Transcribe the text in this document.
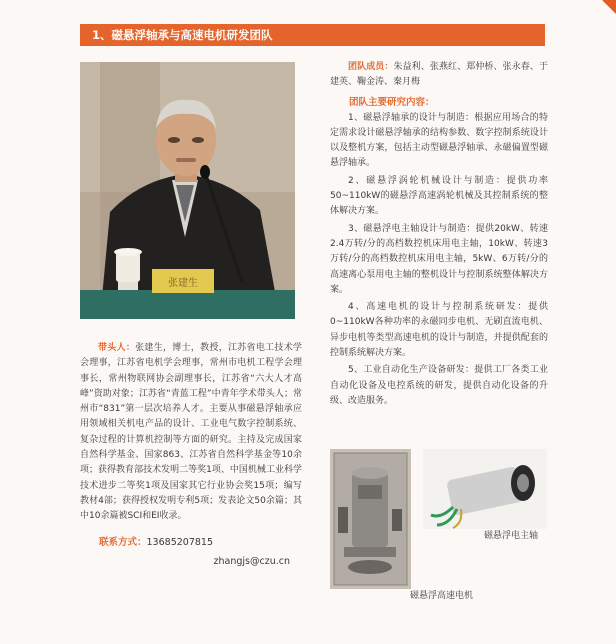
1、磁悬浮轴承与高速电机研发团队
张建生

带头人：张建生，博士，教授，江苏省电工技术学会理事，江苏省电机学会理事，常州市电机工程学会理事长，常州物联网协会副理事长，江苏省“六大人才高峰”资助对象；江苏省“青蓝工程”中青年学术带头人；常州市“831”第一层次培养人才。主要从事磁悬浮轴承应用领域相关机电产品的设计、工业电气数字控制系统、复杂过程的计算机控制等方面的研究。主持及完成国家自然科学基金、国家863、江苏省自然科学基金等10余项；获得教育部技术发明二等奖1项、中国机械工业科学技术进步二等奖1项及国家其它行业协会奖15项；编写教材4部；获得授权发明专利5项；发表论文50余篇；其中10余篇被SCI和EI收录。

联系方式：13685207815

zhangjs@czu.cn

团队成员：朱益利、张燕红、郑仲桥、张永春、于建英、鞠金涛、秦月梅

团队主要研究内容：

1、磁悬浮轴承的设计与制造：根据应用场合的特定需求设计磁悬浮轴承的结构参数、数字控制系统设计以及整机方案，包括主动型磁悬浮轴承、永磁偏置型磁悬浮轴承。

2、磁悬浮涡轮机械设计与制造：提供功率50~110kW的磁悬浮高速涡轮机械及其控制系统的整体解决方案。

3、磁悬浮电主轴设计与制造：提供20kW、转速2.4万转/分的高档数控机床用电主轴，10kW、转速3万转/分的高档数控机床用电主轴，5kW、6万转/分的高速离心泵用电主轴的整机设计与控制系统整体解决方案。

4、高速电机的设计与控制系统研发：提供0~110kW各种功率的永磁同步电机、无刷直流电机、异步电机等类型高速电机的设计与制造，并提供配套的控制系统解决方案。

5、工业自动化生产设备研发：提供工厂各类工业自动化设备及电控系统的研发，提供自动化设备的升级、改造服务。

磁悬浮电主轴
磁悬浮高速电机
